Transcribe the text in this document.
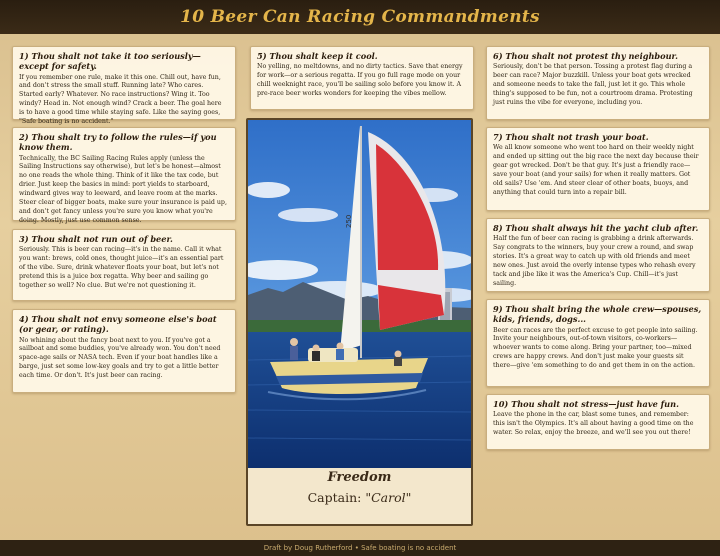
10 Beer Can Racing Commandments
1) Thou shalt not take it too seriously—except for safety.

If you remember one rule, make it this one. Chill out, have fun, and don't stress the small stuff. Running late? Who cares. Started early? Whatever. No race instructions? Wing it. Too windy? Head in. Not enough wind? Crack a beer. The goal here is to have a good time while staying safe. Like the saying goes, "Safe boating is no accident."

2) Thou shalt try to follow the rules—if you know them.

Technically, the BC Sailing Racing Rules apply (unless the Sailing Instructions say otherwise), but let's be honest—almost no one reads the whole thing. Think of it like the tax code, but drier. Just keep the basics in mind: port yields to starboard, windward gives way to leeward, and leave room at the marks. Steer clear of bigger boats, make sure your insurance is paid up, and don't get fancy unless you're sure you know what you're doing. Mostly, just use common sense.

3) Thou shalt not run out of beer.

Seriously. This is beer can racing—it's in the name. Call it what you want: brews, cold ones, thought juice—it's an essential part of the vibe. Sure, drink whatever floats your boat, but let's not pretend this is a juice box regatta. Why beer and sailing go together so well? No clue. But we're not questioning it.

4) Thou shalt not envy someone else's boat (or gear, or rating).

No whining about the fancy boat next to you. If you've got a sailboat and some buddies, you've already won. You don't need space-age sails or NASA tech. Even if your boat handles like a barge, just set some low-key goals and try to get a little better each time. Or don't. It's just beer can racing.

5) Thou shalt keep it cool.

No yelling, no meltdowns, and no dirty tactics. Save that energy for work—or a serious regatta. If you go full rage mode on your chill weeknight race, you'll be sailing solo before you know it. A pre-race beer works wonders for keeping the vibes mellow.

250
Freedom
Captain: "Carol"
6) Thou shalt not protest thy neighbour.

Seriously, don't be that person. Tossing a protest flag during a beer can race? Major buzzkill. Unless your boat gets wrecked and someone needs to take the fall, just let it go. This whole thing's supposed to be fun, not a courtroom drama. Protesting just ruins the vibe for everyone, including you.

7) Thou shalt not trash your boat.

We all know someone who went too hard on their weekly night and ended up sitting out the big race the next day because their gear got wrecked. Don't be that guy. It's just a friendly race—save your boat (and your sails) for when it really matters. Got old sails? Use 'em. And steer clear of other boats, buoys, and anything that could turn into a repair bill.

8) Thou shalt always hit the yacht club after.

Half the fun of beer can racing is grabbing a drink afterwards. Say congrats to the winners, buy your crew a round, and swap stories. It's a great way to catch up with old friends and meet new ones. Just avoid the overly intense types who rehash every tack and jibe like it was the America's Cup. Chill—it's just sailing.

9) Thou shalt bring the whole crew—spouses, kids, friends, dogs...

Beer can races are the perfect excuse to get people into sailing. Invite your neighbours, out-of-town visitors, co-workers—whoever wants to come along. Bring your partner, too—mixed crews are happy crews. And don't just make your guests sit there—give 'em something to do and get them in on the action.

10) Thou shalt not stress—just have fun.

Leave the phone in the car, blast some tunes, and remember: this isn't the Olympics. It's all about having a good time on the water. So relax, enjoy the breeze, and we'll see you out there!

Draft by Doug Rutherford • Safe boating is no accident
